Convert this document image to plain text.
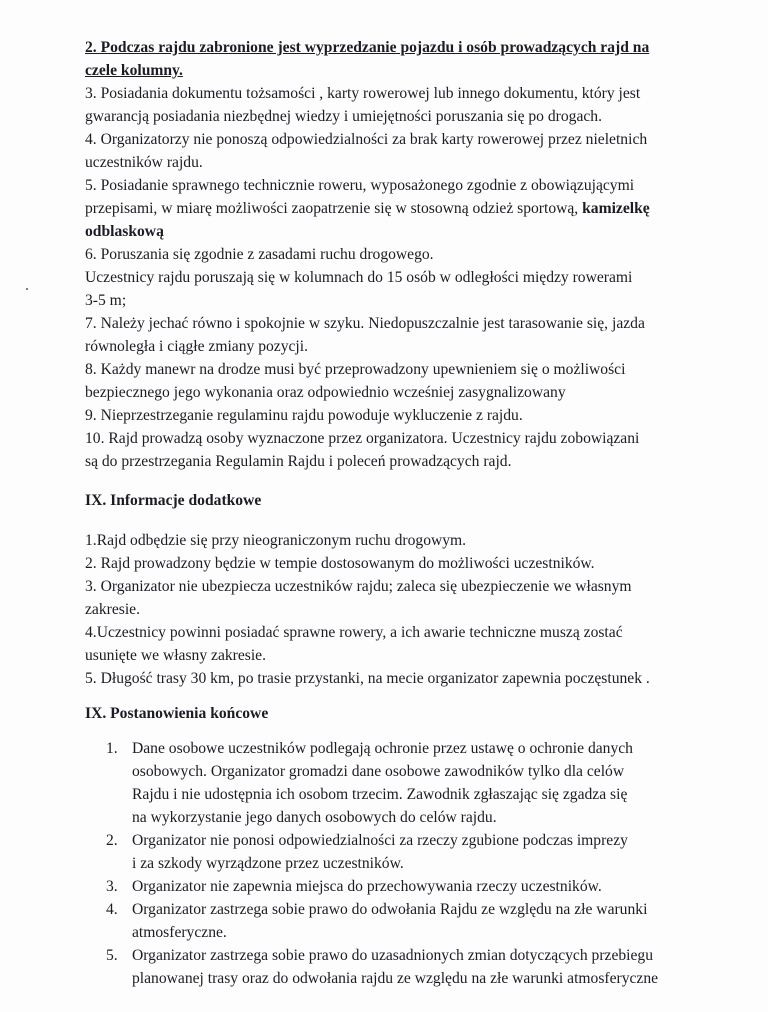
2. Podczas rajdu zabronione jest wyprzedzanie pojazdu i osób prowadzących rajd na
czele kolumny.
3. Posiadania dokumentu tożsamości , karty rowerowej lub innego dokumentu, który jest
gwarancją posiadania niezbędnej wiedzy i umiejętności poruszania się po drogach.
4. Organizatorzy nie ponoszą odpowiedzialności za brak karty rowerowej przez nieletnich
uczestników rajdu.
5. Posiadanie sprawnego technicznie roweru, wyposażonego zgodnie z obowiązującymi
przepisami, w miarę możliwości zaopatrzenie się w stosowną odzież sportową, kamizelkę
odblaskową
6. Poruszania się zgodnie z zasadami ruchu drogowego.
Uczestnicy rajdu poruszają się w kolumnach do 15 osób w odległości między rowerami
3-5 m;
7. Należy jechać równo i spokojnie w szyku. Niedopuszczalnie jest tarasowanie się, jazda
równoległa i ciągłe zmiany pozycji.
8. Każdy manewr na drodze musi być przeprowadzony upewnieniem się o możliwości
bezpiecznego jego wykonania oraz odpowiednio wcześniej zasygnalizowany
9. Nieprzestrzeganie regulaminu rajdu powoduje wykluczenie z rajdu.
10. Rajd prowadzą osoby wyznaczone przez organizatora. Uczestnicy rajdu zobowiązani
są do przestrzegania Regulamin Rajdu i poleceń prowadzących rajd.
IX. Informacje dodatkowe
1.Rajd odbędzie się przy nieograniczonym ruchu drogowym.
2. Rajd prowadzony będzie w tempie dostosowanym do możliwości uczestników.
3. Organizator nie ubezpiecza uczestników rajdu; zaleca się ubezpieczenie we własnym
zakresie.
4.Uczestnicy powinni posiadać sprawne rowery, a ich awarie techniczne muszą zostać
usunięte we własny zakresie.
5. Długość trasy 30 km, po trasie przystanki, na mecie organizator zapewnia poczęstunek .
IX. Postanowienia końcowe
1. Dane osobowe uczestników podlegają ochronie przez ustawę o ochronie danych
osobowych. Organizator gromadzi dane osobowe zawodników tylko dla celów
Rajdu i nie udostępnia ich osobom trzecim. Zawodnik zgłaszając się zgadza się
na wykorzystanie jego danych osobowych do celów rajdu.
2. Organizator nie ponosi odpowiedzialności za rzeczy zgubione podczas imprezy
i za szkody wyrządzone przez uczestników.
3. Organizator nie zapewnia miejsca do przechowywania rzeczy uczestników.
4. Organizator zastrzega sobie prawo do odwołania Rajdu ze względu na złe warunki
atmosferyczne.
5. Organizator zastrzega sobie prawo do uzasadnionych zmian dotyczących przebiegu
planowanej trasy oraz do odwołania rajdu ze względu na złe warunki atmosferyczne
